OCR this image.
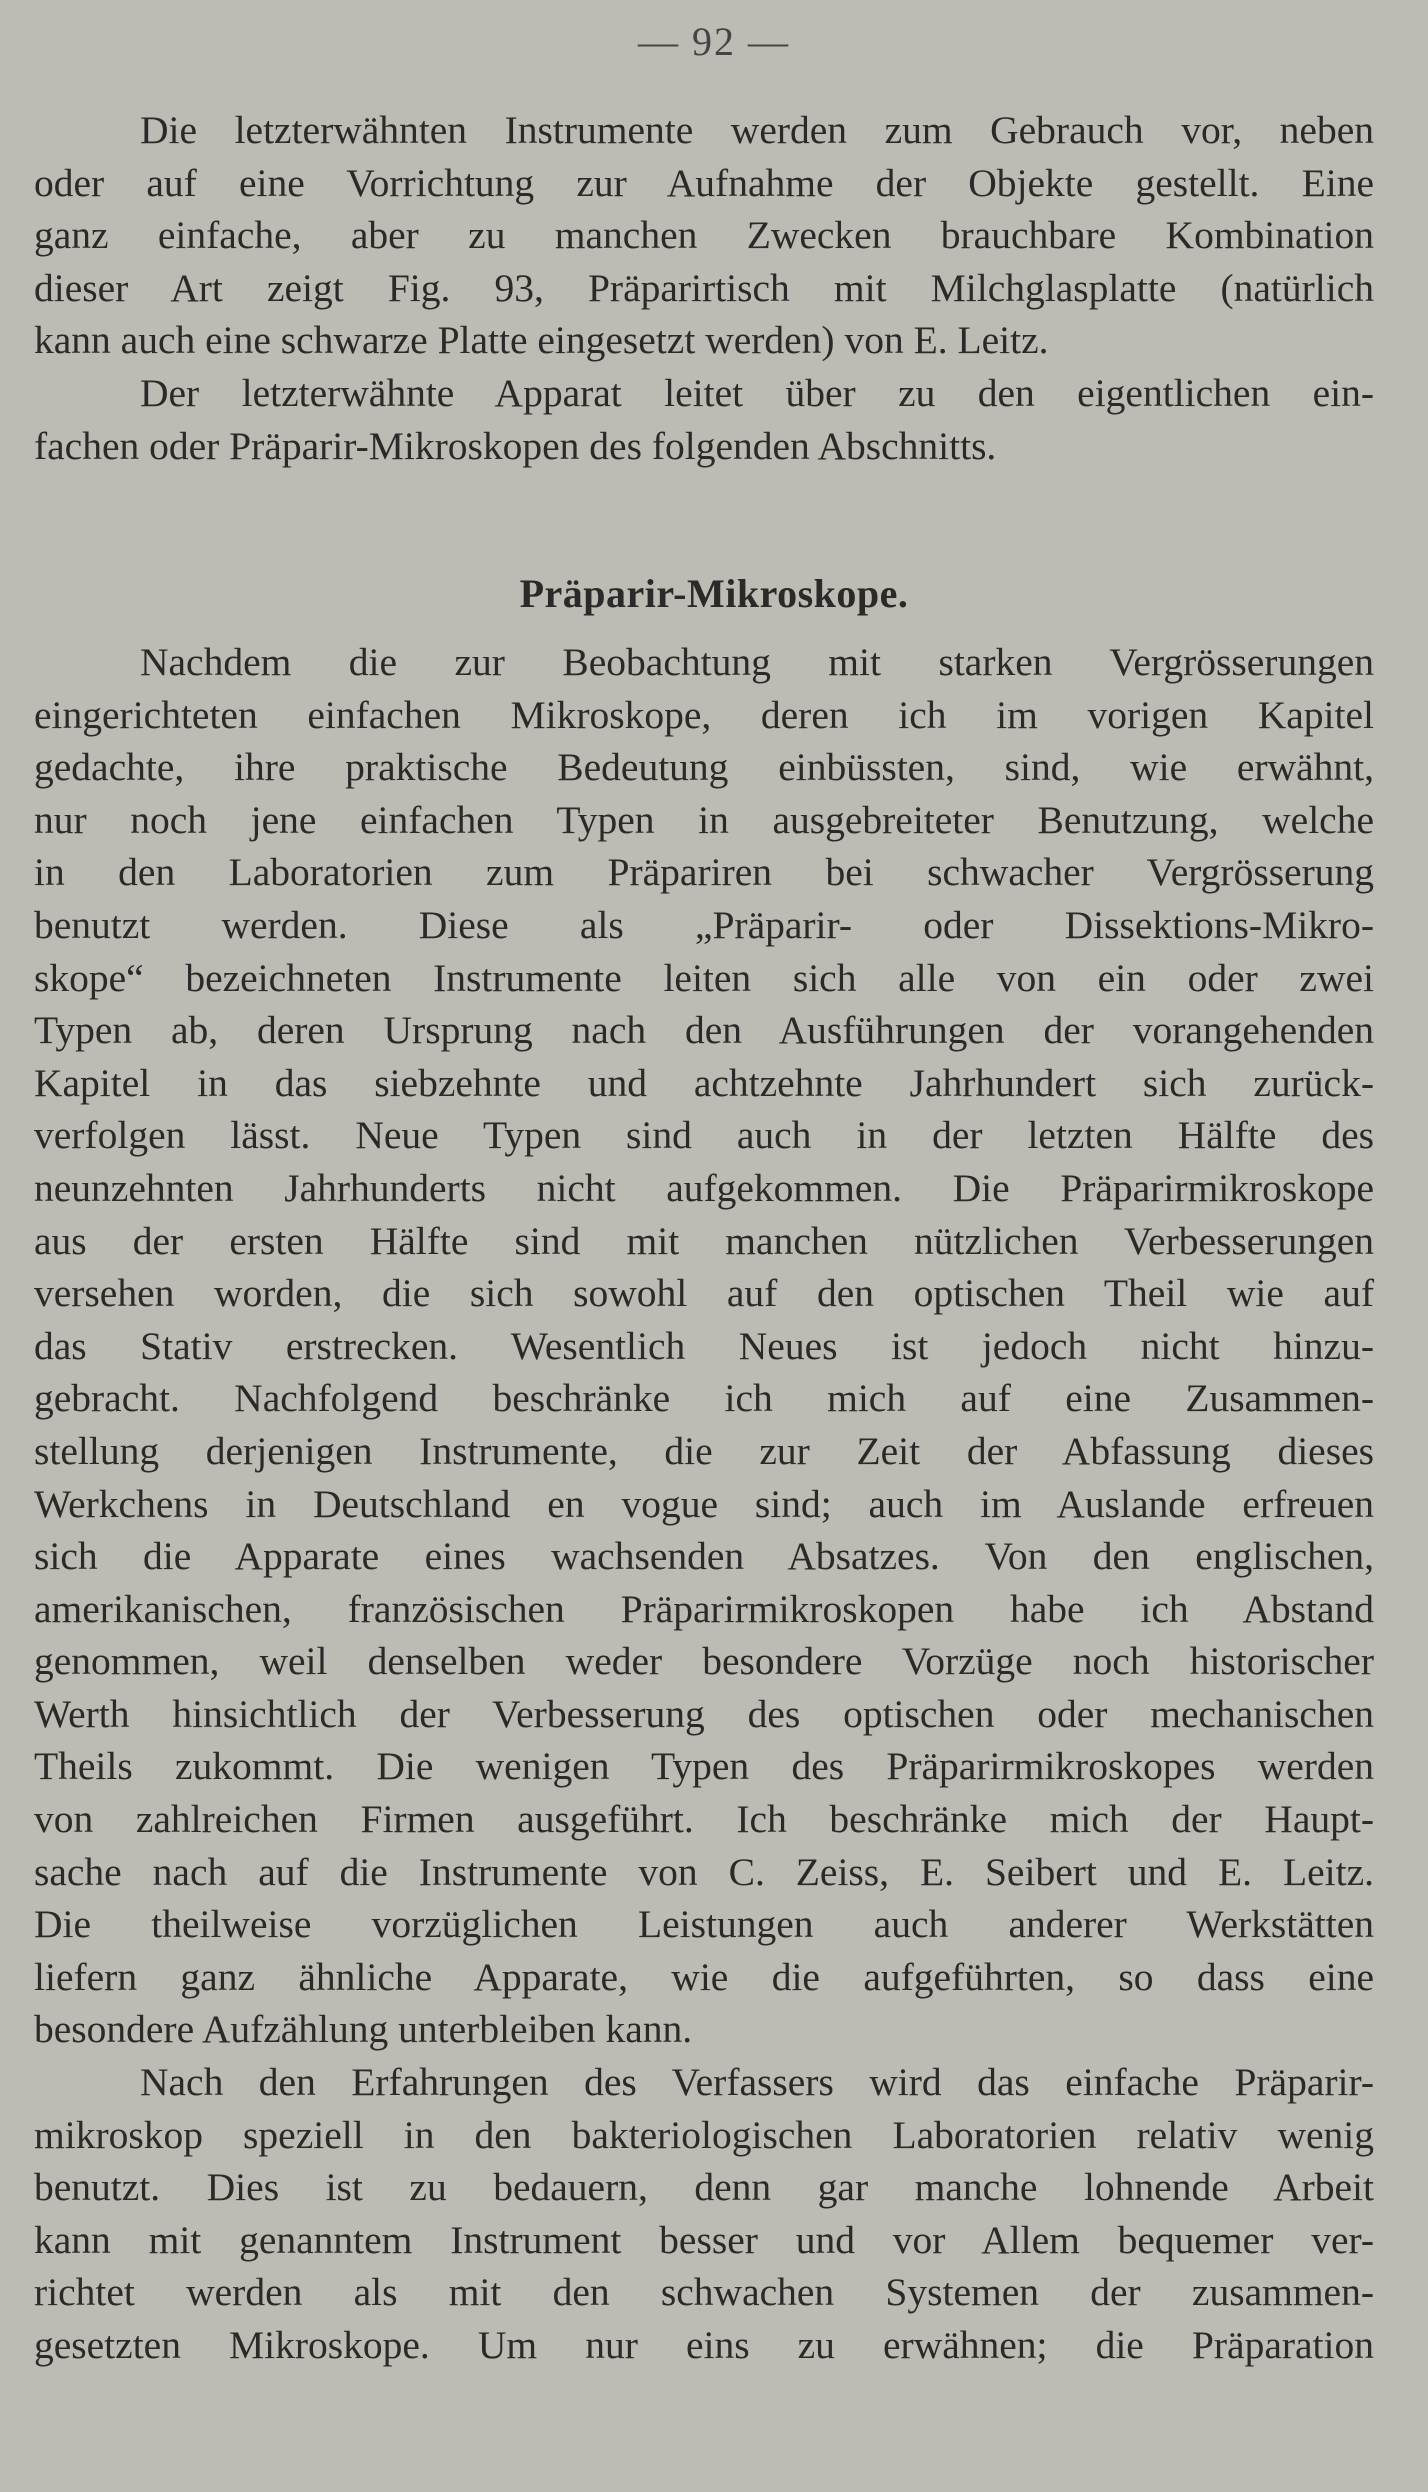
— 92 —

Die letzterwähnten Instrumente werden zum Gebrauch vor, neben
oder auf eine Vorrichtung zur Aufnahme der Objekte gestellt. Eine
ganz einfache, aber zu manchen Zwecken brauchbare Kombination
dieser Art zeigt Fig. 93, Präparirtisch mit Milchglasplatte (natürlich
kann auch eine schwarze Platte eingesetzt werden) von E. Leitz.

Der letzterwähnte Apparat leitet über zu den eigentlichen ein-
fachen oder Präparir-Mikroskopen des folgenden Abschnitts.

Präparir-Mikroskope.

Nachdem die zur Beobachtung mit starken Vergrösserungen
eingerichteten einfachen Mikroskope, deren ich im vorigen Kapitel
gedachte, ihre praktische Bedeutung einbüssten, sind, wie erwähnt,
nur noch jene einfachen Typen in ausgebreiteter Benutzung, welche
in den Laboratorien zum Präpariren bei schwacher Vergrösserung
benutzt werden. Diese als „Präparir- oder Dissektions-Mikro-
skope“ bezeichneten Instrumente leiten sich alle von ein oder zwei
Typen ab, deren Ursprung nach den Ausführungen der vorangehenden
Kapitel in das siebzehnte und achtzehnte Jahrhundert sich zurück-
verfolgen lässt. Neue Typen sind auch in der letzten Hälfte des
neunzehnten Jahrhunderts nicht aufgekommen. Die Präparirmikroskope
aus der ersten Hälfte sind mit manchen nützlichen Verbesserungen
versehen worden, die sich sowohl auf den optischen Theil wie auf
das Stativ erstrecken. Wesentlich Neues ist jedoch nicht hinzu-
gebracht. Nachfolgend beschränke ich mich auf eine Zusammen-
stellung derjenigen Instrumente, die zur Zeit der Abfassung dieses
Werkchens in Deutschland en vogue sind; auch im Auslande erfreuen
sich die Apparate eines wachsenden Absatzes. Von den englischen,
amerikanischen, französischen Präparirmikroskopen habe ich Abstand
genommen, weil denselben weder besondere Vorzüge noch historischer
Werth hinsichtlich der Verbesserung des optischen oder mechanischen
Theils zukommt. Die wenigen Typen des Präparirmikroskopes werden
von zahlreichen Firmen ausgeführt. Ich beschränke mich der Haupt-
sache nach auf die Instrumente von C. Zeiss, E. Seibert und E. Leitz.
Die theilweise vorzüglichen Leistungen auch anderer Werkstätten
liefern ganz ähnliche Apparate, wie die aufgeführten, so dass eine
besondere Aufzählung unterbleiben kann.

Nach den Erfahrungen des Verfassers wird das einfache Präparir-
mikroskop speziell in den bakteriologischen Laboratorien relativ wenig
benutzt. Dies ist zu bedauern, denn gar manche lohnende Arbeit
kann mit genanntem Instrument besser und vor Allem bequemer ver-
richtet werden als mit den schwachen Systemen der zusammen-
gesetzten Mikroskope. Um nur eins zu erwähnen; die Präparation
